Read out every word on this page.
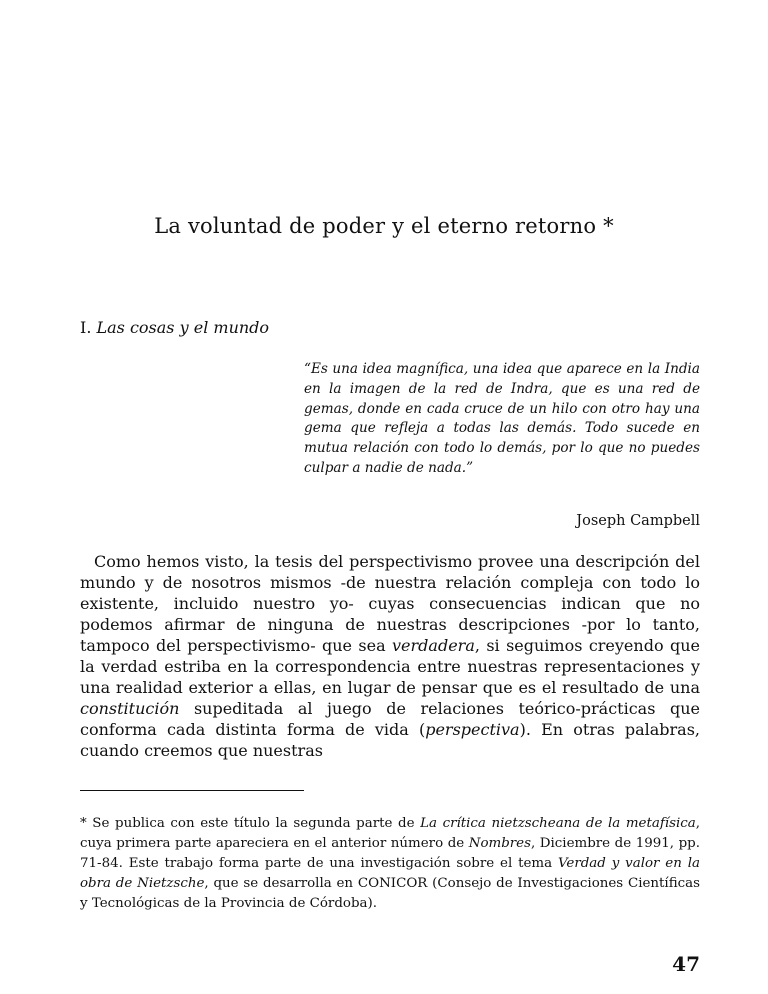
La voluntad de poder y el eterno retorno *
I. Las cosas y el mundo
“Es una idea magnífica, una idea que aparece en la India en la imagen de la red de Indra, que es una red de gemas, donde en cada cruce de un hilo con otro hay una gema que refleja a todas las demás. Todo sucede en mutua relación con todo lo demás, por lo que no puedes culpar a nadie de nada.”
Joseph Campbell

Como hemos visto, la tesis del perspectivismo provee una descripción del mundo y de nosotros mismos -de nuestra relación compleja con todo lo existente, incluido nuestro yo- cuyas consecuencias indican que no podemos afirmar de ninguna de nuestras descripciones -por lo tanto, tampoco del perspectivismo- que sea verdadera, si seguimos creyendo que la verdad estriba en la correspondencia entre nuestras representaciones y una realidad exterior a ellas, en lugar de pensar que es el resultado de una constitución supeditada al juego de relaciones teórico-prácticas que conforma cada distinta forma de vida (perspectiva). En otras palabras, cuando creemos que nuestras

* Se publica con este título la segunda parte de La crítica nietzscheana de la metafísica, cuya primera parte apareciera en el anterior número de Nombres, Diciembre de 1991, pp. 71-84. Este trabajo forma parte de una investigación sobre el tema Verdad y valor en la obra de Nietzsche, que se desarrolla en CONICOR (Consejo de Investigaciones Científicas y Tecnológicas de la Provincia de Córdoba).
47
